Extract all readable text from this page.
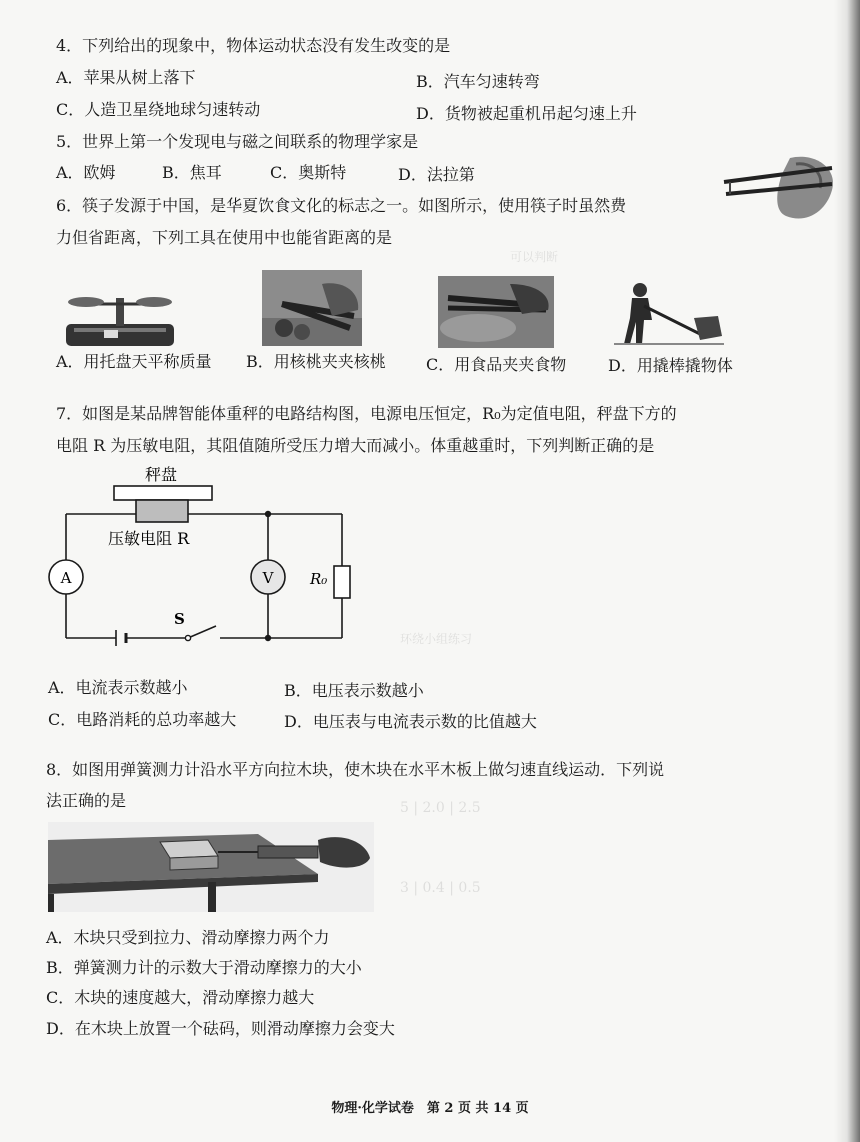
可以判断
环绕小组练习
5 | 2.0 | 2.5
3 | 0.4 | 0.5
4．下列给出的现象中，物体运动状态没有发生改变的是
A．苹果从树上落下	B．汽车匀速转弯
C．人造卫星绕地球匀速转动	D．货物被起重机吊起匀速上升
5．世界上第一个发现电与磁之间联系的物理学家是
A．欧姆	B．焦耳	C．奥斯特	D．法拉第
6．筷子发源于中国，是华夏饮食文化的标志之一。如图所示，使用筷子时虽然费
力但省距离，下列工具在使用中也能省距离的是
A．用托盘天平称质量 B．用核桃夹夹核桃	C．用食品夹夹食物	D．用撬棒撬物体
7．如图是某品牌智能体重秤的电路结构图，电源电压恒定，R₀为定值电阻，秤盘下方的
电阻 R 为压敏电阻，其阻值随所受压力增大而减小。体重越重时，下列判断正确的是
秤盘
压敏电阻 R
A	V R₀
S
A．电流表示数越小	B．电压表示数越小
C．电路消耗的总功率越大	D．电压表与电流表示数的比值越大
8．如图用弹簧测力计沿水平方向拉木块，使木块在水平木板上做匀速直线运动．下列说
法正确的是
A．木块只受到拉力、滑动摩擦力两个力
B．弹簧测力计的示数大于滑动摩擦力的大小
C．木块的速度越大，滑动摩擦力越大
D．在木块上放置一个砝码，则滑动摩擦力会变大
物理·化学试卷　第 2 页 共 14 页
